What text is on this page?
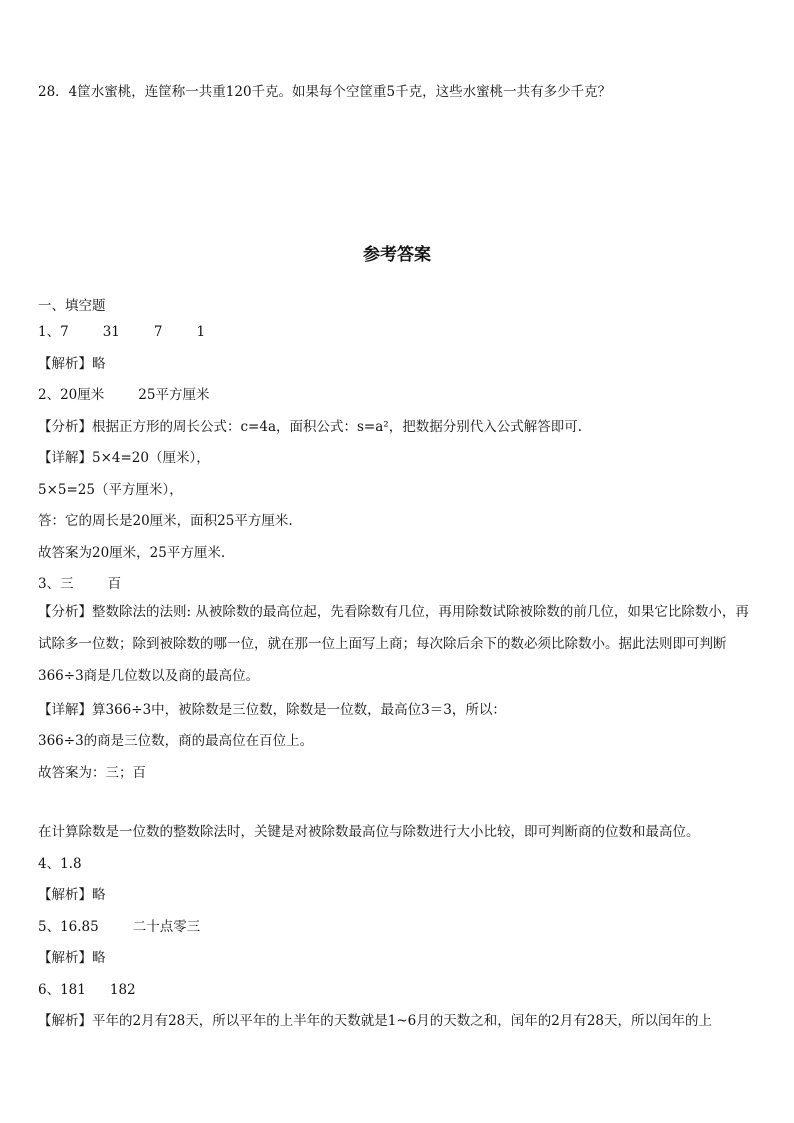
28．4筐水蜜桃，连筐称一共重120千克。如果每个空筐重5千克，这些水蜜桃一共有多少千克？
参考答案
一、填空题
1、7	31	7	1
【解析】略
2、20厘米	25平方厘米
【分析】根据正方形的周长公式：c=4a，面积公式：s=a²，把数据分别代入公式解答即可.
【详解】5×4=20（厘米），
5×5=25（平方厘米），
答：它的周长是20厘米，面积25平方厘米.
故答案为20厘米，25平方厘米.
3、三	百
【分析】整数除法的法则: 从被除数的最高位起，先看除数有几位，再用除数试除被除数的前几位，如果它比除数小，再试除多一位数；除到被除数的哪一位，就在那一位上面写上商；每次除后余下的数必须比除数小。据此法则即可判断366÷3商是几位数以及商的最高位。
【详解】算366÷3中，被除数是三位数，除数是一位数，最高位3＝3，所以：
366÷3的商是三位数，商的最高位在百位上。
故答案为：三；百
在计算除数是一位数的整数除法时，关键是对被除数最高位与除数进行大小比较，即可判断商的位数和最高位。
4、1.8
【解析】略
5、16.85	二十点零三
【解析】略
6、181 182
【解析】平年的2月有28天，所以平年的上半年的天数就是1~6月的天数之和，闰年的2月有28天，所以闰年的上
